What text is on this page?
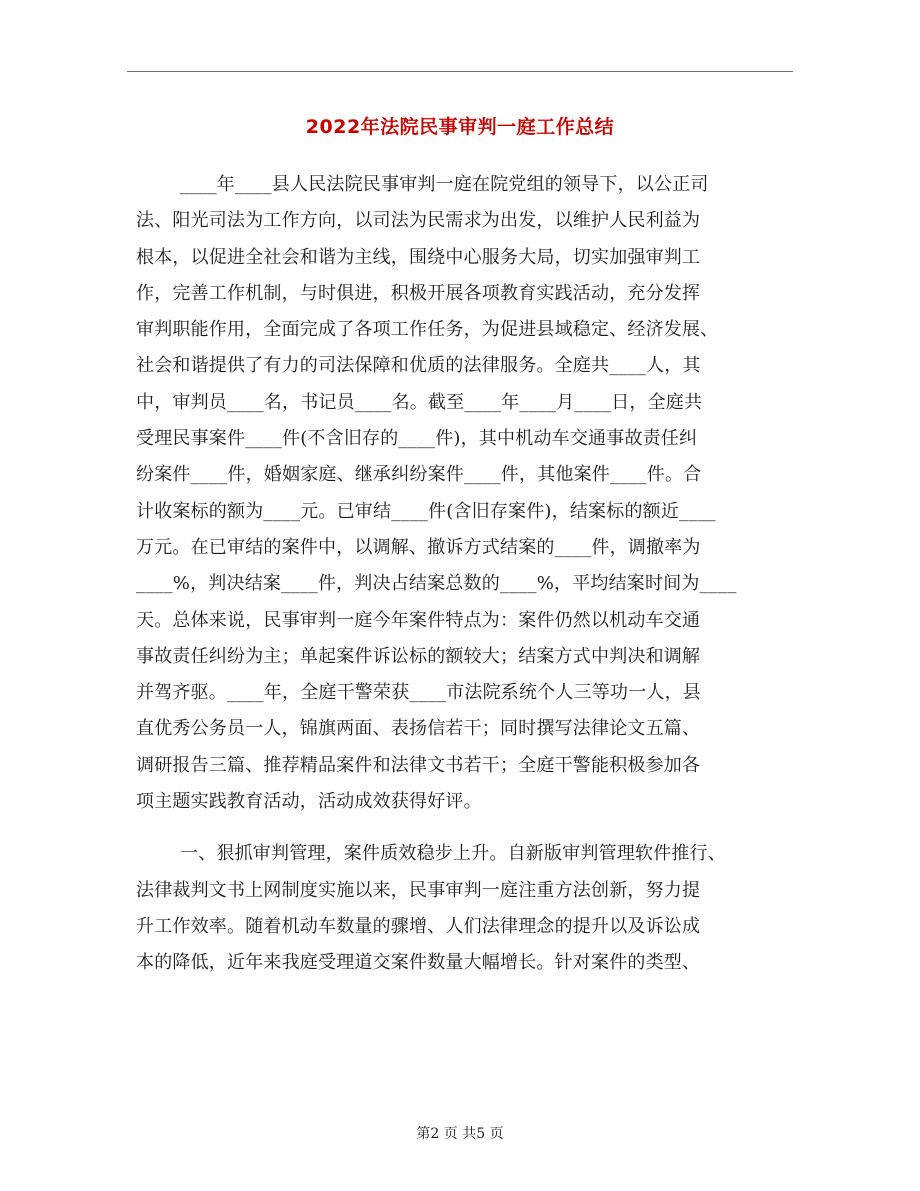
2022年法院民事审判一庭工作总结
____年____县人民法院民事审判一庭在院党组的领导下，以公正司
法、阳光司法为工作方向，以司法为民需求为出发，以维护人民利益为
根本，以促进全社会和谐为主线，围绕中心服务大局，切实加强审判工
作，完善工作机制，与时俱进，积极开展各项教育实践活动，充分发挥
审判职能作用，全面完成了各项工作任务，为促进县域稳定、经济发展、
社会和谐提供了有力的司法保障和优质的法律服务。全庭共____人，其
中，审判员____名，书记员____名。截至____年____月____日，全庭共
受理民事案件____件(不含旧存的____件)，其中机动车交通事故责任纠
纷案件____件，婚姻家庭、继承纠纷案件____件，其他案件____件。合
计收案标的额为____元。已审结____件(含旧存案件)，结案标的额近____
万元。在已审结的案件中，以调解、撤诉方式结案的____件，调撤率为
____%，判决结案____件，判决占结案总数的____%，平均结案时间为____
天。总体来说，民事审判一庭今年案件特点为：案件仍然以机动车交通
事故责任纠纷为主；单起案件诉讼标的额较大；结案方式中判决和调解
并驾齐驱。____年，全庭干警荣获____市法院系统个人三等功一人，县
直优秀公务员一人，锦旗两面、表扬信若干；同时撰写法律论文五篇、
调研报告三篇、推荐精品案件和法律文书若干；全庭干警能积极参加各
项主题实践教育活动，活动成效获得好评。
一、狠抓审判管理，案件质效稳步上升。自新版审判管理软件推行、
法律裁判文书上网制度实施以来，民事审判一庭注重方法创新，努力提
升工作效率。随着机动车数量的骤增、人们法律理念的提升以及诉讼成
本的降低，近年来我庭受理道交案件数量大幅增长。针对案件的类型、
第2 页 共5 页
